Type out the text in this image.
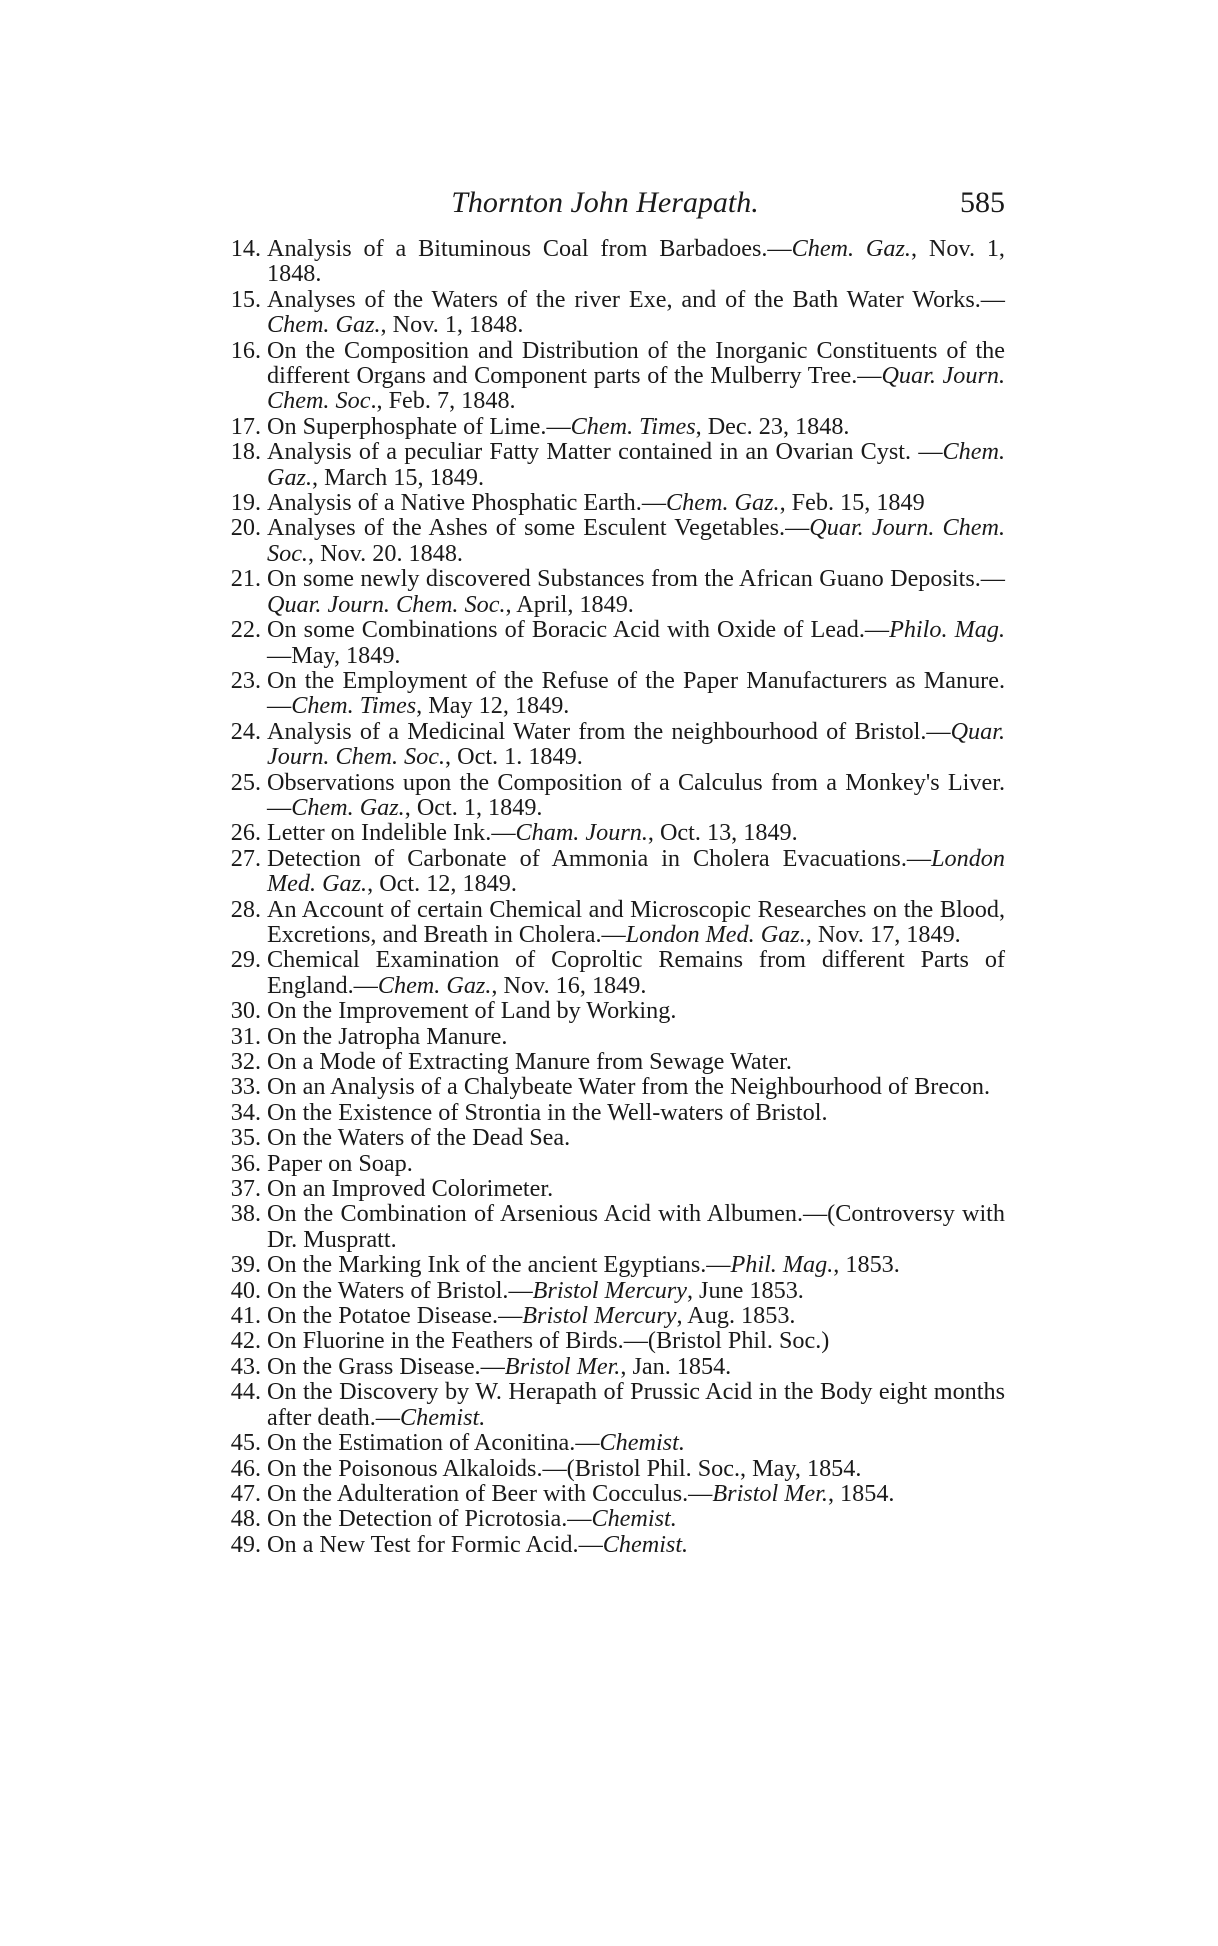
Thornton John Herapath.	585
14. Analysis of a Bituminous Coal from Barbadoes.—Chem. Gaz., Nov. 1, 1848.
15. Analyses of the Waters of the river Exe, and of the Bath Water Works.—Chem. Gaz., Nov. 1, 1848.
16. On the Composition and Distribution of the Inorganic Constituents of the different Organs and Component parts of the Mulberry Tree.—Quar. Journ. Chem. Soc., Feb. 7, 1848.
17. On Superphosphate of Lime.—Chem. Times, Dec. 23, 1848.
18. Analysis of a peculiar Fatty Matter contained in an Ovarian Cyst. —Chem. Gaz., March 15, 1849.
19. Analysis of a Native Phosphatic Earth.—Chem. Gaz., Feb. 15, 1849
20. Analyses of the Ashes of some Esculent Vegetables.—Quar. Journ. Chem. Soc., Nov. 20. 1848.
21. On some newly discovered Substances from the African Guano Deposits.—Quar. Journ. Chem. Soc., April, 1849.
22. On some Combinations of Boracic Acid with Oxide of Lead.—Philo. Mag.—May, 1849.
23. On the Employment of the Refuse of the Paper Manufacturers as Manure.—Chem. Times, May 12, 1849.
24. Analysis of a Medicinal Water from the neighbourhood of Bristol.—Quar. Journ. Chem. Soc., Oct. 1. 1849.
25. Observations upon the Composition of a Calculus from a Monkey's Liver.—Chem. Gaz., Oct. 1, 1849.
26. Letter on Indelible Ink.—Cham. Journ., Oct. 13, 1849.
27. Detection of Carbonate of Ammonia in Cholera Evacuations.—London Med. Gaz., Oct. 12, 1849.
28. An Account of certain Chemical and Microscopic Researches on the Blood, Excretions, and Breath in Cholera.—London Med. Gaz., Nov. 17, 1849.
29. Chemical Examination of Coproltic Remains from different Parts of England.—Chem. Gaz., Nov. 16, 1849.
30. On the Improvement of Land by Working.
31. On the Jatropha Manure.
32. On a Mode of Extracting Manure from Sewage Water.
33. On an Analysis of a Chalybeate Water from the Neighbourhood of Brecon.
34. On the Existence of Strontia in the Well-waters of Bristol.
35. On the Waters of the Dead Sea.
36. Paper on Soap.
37. On an Improved Colorimeter.
38. On the Combination of Arsenious Acid with Albumen.—(Controversy with Dr. Muspratt.
39. On the Marking Ink of the ancient Egyptians.—Phil. Mag., 1853.
40. On the Waters of Bristol.—Bristol Mercury, June 1853.
41. On the Potatoe Disease.—Bristol Mercury, Aug. 1853.
42. On Fluorine in the Feathers of Birds.—(Bristol Phil. Soc.)
43. On the Grass Disease.—Bristol Mer., Jan. 1854.
44. On the Discovery by W. Herapath of Prussic Acid in the Body eight months after death.—Chemist.
45. On the Estimation of Aconitina.—Chemist.
46. On the Poisonous Alkaloids.—(Bristol Phil. Soc., May, 1854.
47. On the Adulteration of Beer with Cocculus.—Bristol Mer., 1854.
48. On the Detection of Picrotosia.—Chemist.
49. On a New Test for Formic Acid.—Chemist.
